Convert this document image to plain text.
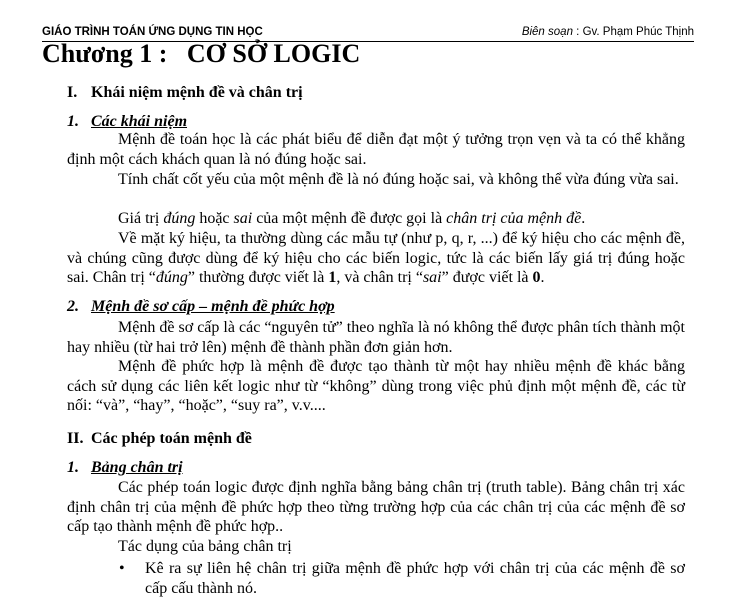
GIÁO TRÌNH TOÁN ỨNG DỤNG TIN HỌC	Biên soạn : Gv. Phạm Phúc Thịnh
Chương 1 :   CƠ SỞ LOGIC
I. Khái niệm mệnh đề và chân trị
1. Các khái niệm

Mệnh đề toán học là các phát biểu để diễn đạt một ý tưởng trọn vẹn và ta có thể khẳng định một cách khách quan là nó đúng hoặc sai.

Tính chất cốt yếu của một mệnh đề là nó đúng hoặc sai, và không thể vừa đúng vừa sai.

Giá trị đúng hoặc sai của một mệnh đề được gọi là chân trị của mệnh đề.

Về mặt ký hiệu, ta thường dùng các mẫu tự (như p, q, r, ...) để ký hiệu cho các mệnh đề, và chúng cũng được dùng để ký hiệu cho các biến logic, tức là các biến lấy giá trị đúng hoặc sai. Chân trị “đúng” thường được viết là 1, và chân trị “sai” được viết là 0.

2. Mệnh đề sơ cấp – mệnh đề phức hợp

Mệnh đề sơ cấp là các “nguyên tử” theo nghĩa là nó không thể được phân tích thành một hay nhiều (từ hai trở lên) mệnh đề thành phần đơn giản hơn.

Mệnh đề phức hợp là mệnh đề được tạo thành từ một hay nhiều mệnh đề khác bằng cách sử dụng các liên kết logic như từ “không” dùng trong việc phủ định một mệnh đề, các từ nối: “và”, “hay”, “hoặc”, “suy ra”, v.v....

II. Các phép toán mệnh đề
1. Bảng chân trị

Các phép toán logic được định nghĩa bằng bảng chân trị (truth table). Bảng chân trị xác định chân trị của mệnh đề phức hợp theo từng trường hợp của các chân trị của các mệnh đề sơ cấp tạo thành mệnh đề phức hợp..

Tác dụng của bảng chân trị

• Kê ra sự liên hệ chân trị giữa mệnh đề phức hợp với chân trị của các mệnh đề sơ cấp cấu thành nó.
